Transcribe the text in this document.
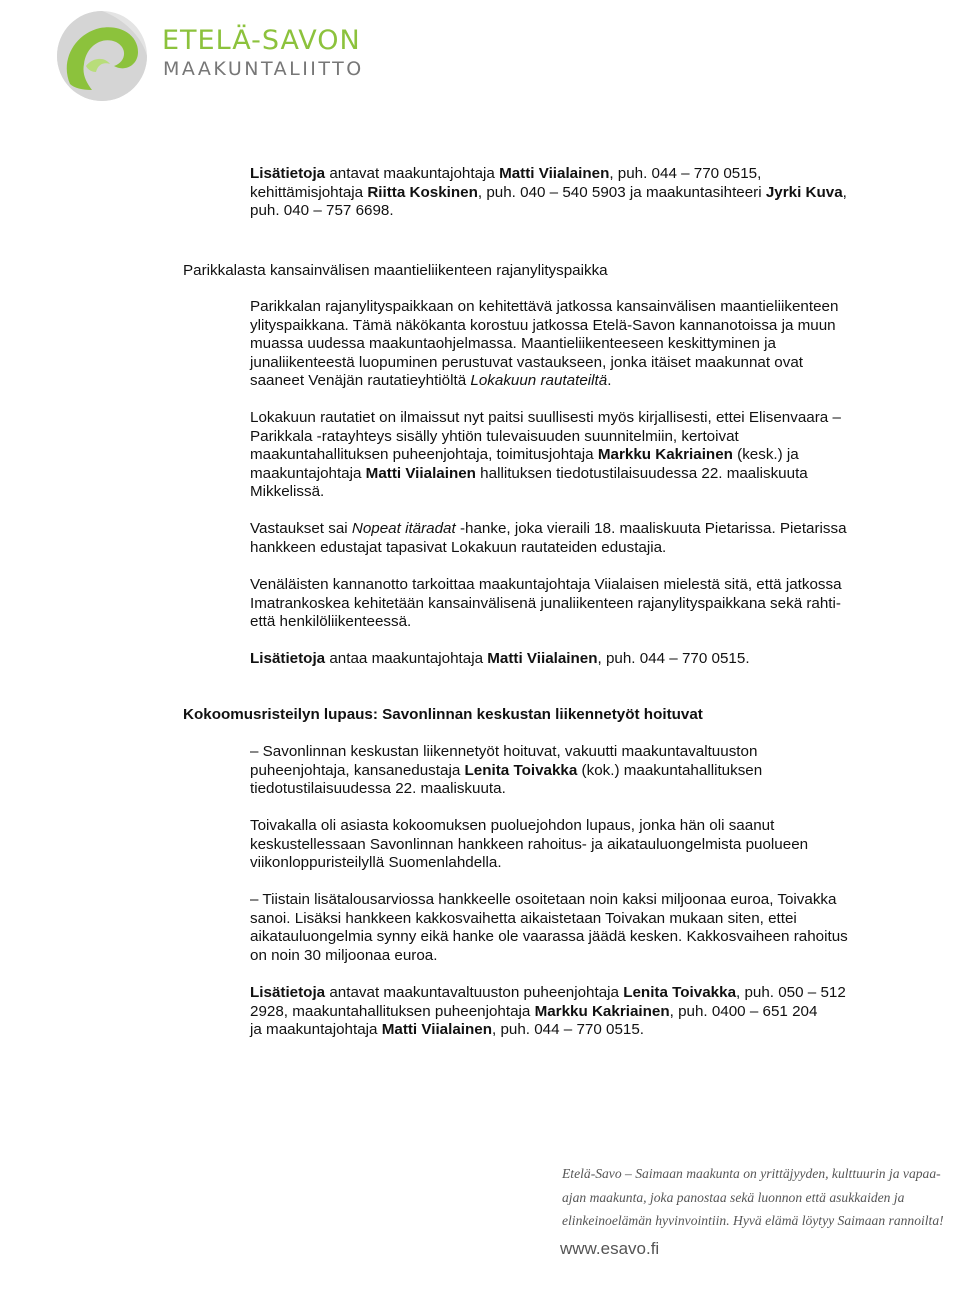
ETELÄ-SAVON
MAAKUNTALIITTO
Lisätietoja antavat maakuntajohtaja Matti Viialainen, puh. 044 – 770 0515,
kehittämisjohtaja Riitta Koskinen, puh. 040 – 540 5903 ja maakuntasihteeri Jyrki Kuva,
puh. 040 – 757 6698.
Parikkalasta kansainvälisen maantieliikenteen rajanylityspaikka
Parikkalan rajanylityspaikkaan on kehitettävä jatkossa kansainvälisen maantieliikenteen
ylityspaikkana. Tämä näkökanta korostuu jatkossa Etelä-Savon kannanotoissa ja muun
muassa uudessa maakuntaohjelmassa. Maantieliikenteeseen keskittyminen ja
junaliikenteestä luopuminen perustuvat vastaukseen, jonka itäiset maakunnat ovat
saaneet Venäjän rautatieyhtiöltä Lokakuun rautateiltä.
Lokakuun rautatiet on ilmaissut nyt paitsi suullisesti myös kirjallisesti, ettei Elisenvaara –
Parikkala -ratayhteys sisälly yhtiön tulevaisuuden suunnitelmiin, kertoivat
maakuntahallituksen puheenjohtaja, toimitusjohtaja Markku Kakriainen (kesk.) ja
maakuntajohtaja Matti Viialainen hallituksen tiedotustilaisuudessa 22. maaliskuuta
Mikkelissä.
Vastaukset sai Nopeat itäradat -hanke, joka vieraili 18. maaliskuuta Pietarissa. Pietarissa
hankkeen edustajat tapasivat Lokakuun rautateiden edustajia.
Venäläisten kannanotto tarkoittaa maakuntajohtaja Viialaisen mielestä sitä, että jatkossa
Imatrankoskea kehitetään kansainvälisenä junaliikenteen rajanylityspaikkana sekä rahti-
että henkilöliikenteessä.
Lisätietoja antaa maakuntajohtaja Matti Viialainen, puh. 044 – 770 0515.
Kokoomusristeilyn lupaus: Savonlinnan keskustan liikennetyöt hoituvat
– Savonlinnan keskustan liikennetyöt hoituvat, vakuutti maakuntavaltuuston
puheenjohtaja, kansanedustaja Lenita Toivakka (kok.) maakuntahallituksen
tiedotustilaisuudessa 22. maaliskuuta.
Toivakalla oli asiasta kokoomuksen puoluejohdon lupaus, jonka hän oli saanut
keskustellessaan Savonlinnan hankkeen rahoitus- ja aikatauluongelmista puolueen
viikonloppuristeilyllä Suomenlahdella.
– Tiistain lisätalousarviossa hankkeelle osoitetaan noin kaksi miljoonaa euroa, Toivakka
sanoi. Lisäksi hankkeen kakkosvaihetta aikaistetaan Toivakan mukaan siten, ettei
aikatauluongelmia synny eikä hanke ole vaarassa jäädä kesken. Kakkosvaiheen rahoitus
on noin 30 miljoonaa euroa.
Lisätietoja antavat maakuntavaltuuston puheenjohtaja Lenita Toivakka, puh. 050 – 512
2928, maakuntahallituksen puheenjohtaja Markku Kakriainen, puh. 0400 – 651 204
ja maakuntajohtaja Matti Viialainen, puh. 044 – 770 0515.
Etelä-Savo – Saimaan maakunta on yrittäjyyden, kulttuurin ja vapaa-
ajan maakunta, joka panostaa sekä luonnon että asukkaiden ja
elinkeinoelämän hyvinvointiin. Hyvä elämä löytyy Saimaan rannoilta!
www.esavo.fi
